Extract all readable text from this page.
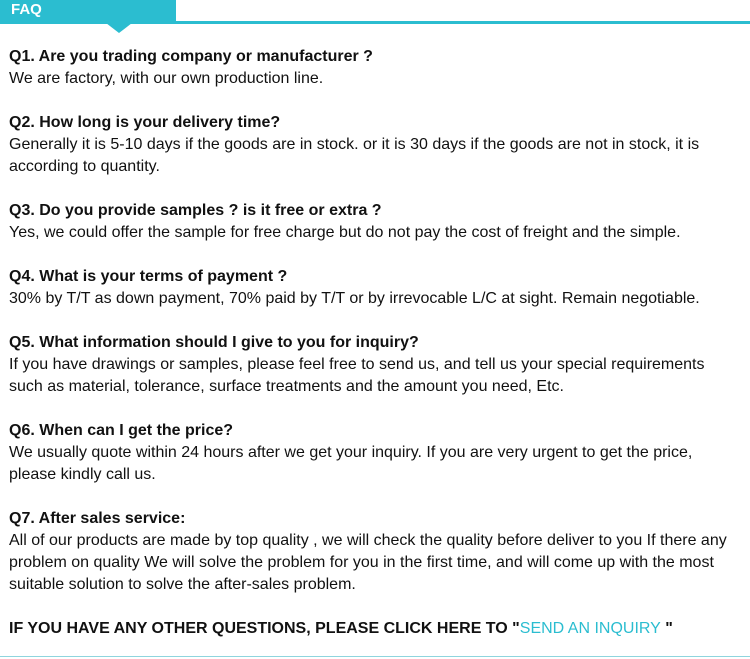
FAQ

Q1. Are you trading company or manufacturer ?

We are factory, with our own production line.

Q2. How long is your delivery time?

Generally it is 5-10 days if the goods are in stock. or it is 30 days if the goods are not in stock, it is according to quantity.

Q3. Do you provide samples ? is it free or extra ?

Yes, we could offer the sample for free charge but do not pay the cost of freight and the simple.

Q4. What is your terms of payment ?

30% by T/T as down payment, 70% paid by T/T or by irrevocable L/C at sight. Remain negotiable.

Q5. What information should I give to you for inquiry?

If you have drawings or samples, please feel free to send us, and tell us your special requirements such as material, tolerance, surface treatments and the amount you need, Etc.

Q6. When can I get the price?

We usually quote within 24 hours after we get your inquiry. If you are very urgent to get the price, please kindly call us.

Q7. After sales service:

All of our products are made by top quality , we will check the quality before deliver to you If there any problem on quality We will solve the problem for you in the first time, and will come up with the most suitable solution to solve the after-sales problem.

IF YOU HAVE ANY OTHER QUESTIONS, PLEASE CLICK HERE TO "SEND AN INQUIRY "
